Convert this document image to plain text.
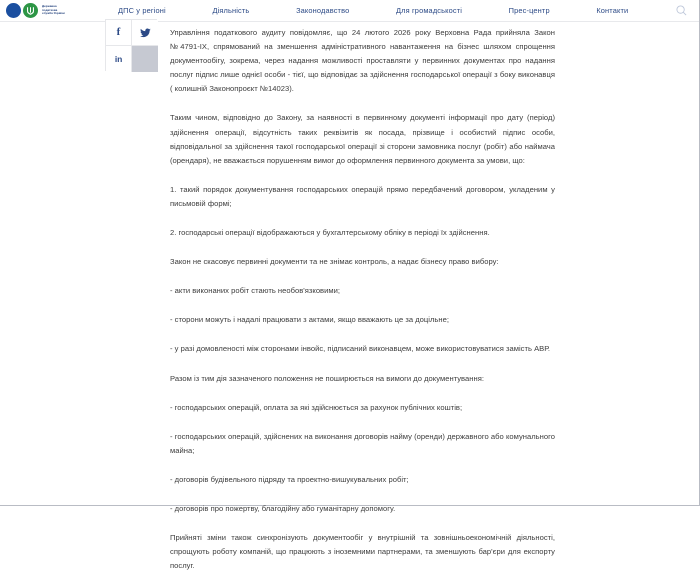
Державна
податкова
служба України	ДПС у регіоні	Діяльність	Законодавство	Для громадськості	Прес-центр	Контакти
f
in

Управління податкового аудиту повідомляє, що 24 лютого 2026 року Верховна Рада прийняла Закон №4791-IX, спрямований на зменшення адміністративного навантаження на бізнес шляхом спрощення документообігу, зокрема, через надання можливості проставляти у первинних документах про надання послуг підпис лише однієї особи - тієї, що відповідає за здійснення господарської операції з боку виконавця ( колишній Законопроєкт №14023).

Таким чином, відповідно до Закону, за наявності в первинному документі інформації про дату (період) здійснення операції, відсутність таких реквізитів як посада, прізвище і особистий підпис особи, відповідальної за здійснення такої господарської операції зі сторони замовника послуг (робіт) або наймача (орендаря), не вважається порушенням вимог до оформлення первинного документа за умови, що:

1. такий порядок документування господарських операцій прямо передбачений договором, укладеним у письмовій формі;

2. господарські операції відображаються у бухгалтерському обліку в періоді їх здійснення.

Закон не скасовує первинні документи та не знімає контроль, а надає бізнесу право вибору:

- акти виконаних робіт стають необов'язковими;

- сторони можуть і надалі працювати з актами, якщо вважають це за доцільне;

- у разі домовленості між сторонами інвойс, підписаний виконавцем, може використовуватися замість АВР.

Разом із тим дія зазначеного положення не поширюється на вимоги до документування:

- господарських операцій, оплата за які здійснюється за рахунок публічних коштів;

- господарських операцій, здійснених на виконання договорів найму (оренди) державного або комунального майна;

- договорів будівельного підряду та проектно-вишукувальних робіт;

- договорів про пожертву, благодійну або гуманітарну допомогу.

Прийняті зміни також синхронізують документообіг у внутрішній та зовнішньоекономічній діяльності, спрощують роботу компаній, що працюють з іноземними партнерами, та зменшують бар'єри для експорту послуг.
